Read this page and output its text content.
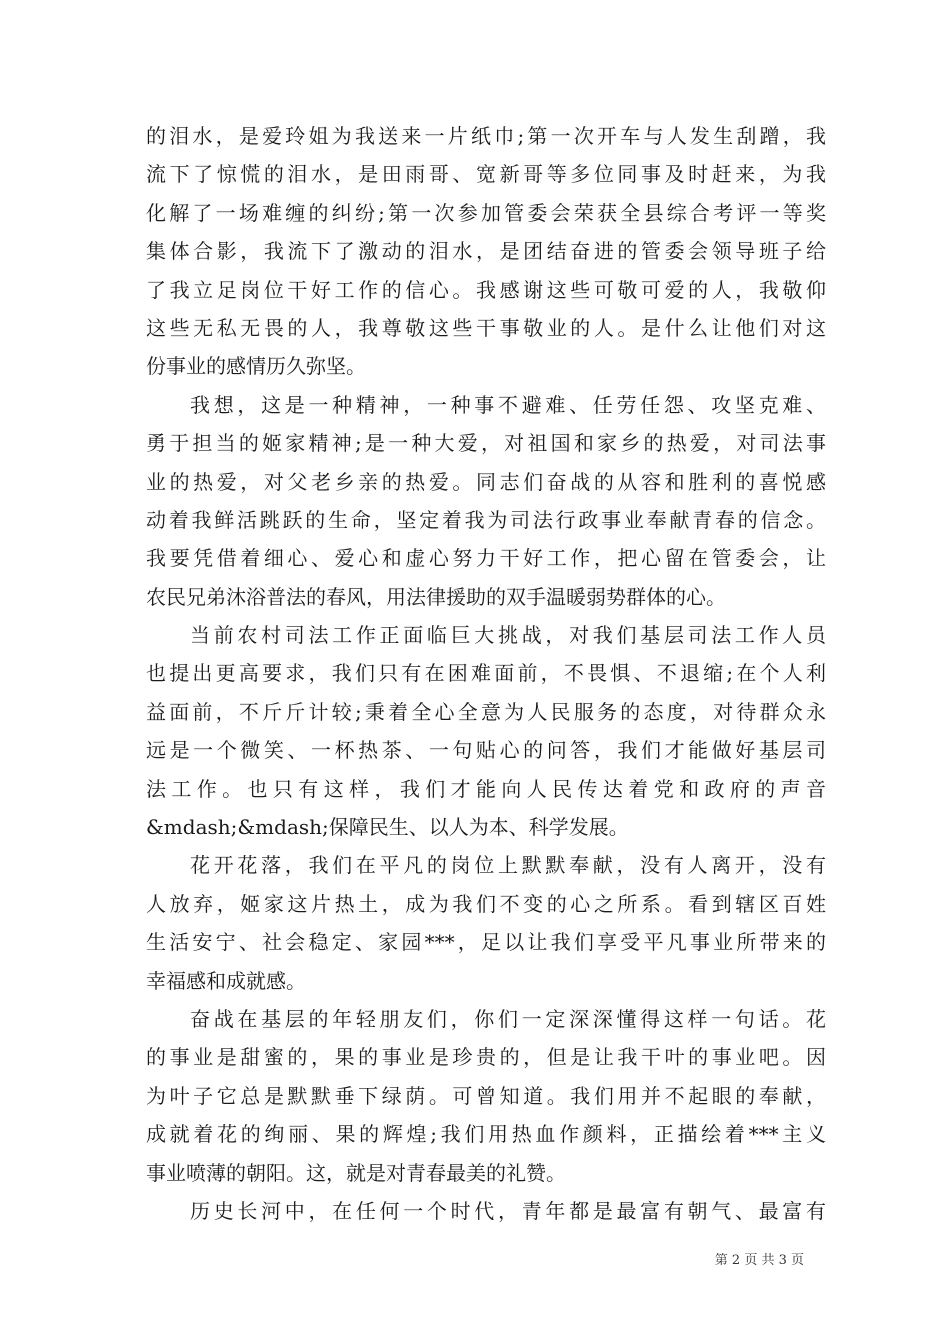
的泪水，是爱玲姐为我送来一片纸巾;第一次开车与人发生刮蹭，我
流下了惊慌的泪水，是田雨哥、宽新哥等多位同事及时赶来，为我
化解了一场难缠的纠纷;第一次参加管委会荣获全县综合考评一等奖
集体合影，我流下了激动的泪水，是团结奋进的管委会领导班子给
了我立足岗位干好工作的信心。我感谢这些可敬可爱的人，我敬仰
这些无私无畏的人，我尊敬这些干事敬业的人。是什么让他们对这
份事业的感情历久弥坚。
我想，这是一种精神，一种事不避难、任劳任怨、攻坚克难、
勇于担当的姬家精神;是一种大爱，对祖国和家乡的热爱，对司法事
业的热爱，对父老乡亲的热爱。同志们奋战的从容和胜利的喜悦感
动着我鲜活跳跃的生命，坚定着我为司法行政事业奉献青春的信念。
我要凭借着细心、爱心和虚心努力干好工作，把心留在管委会，让
农民兄弟沐浴普法的春风，用法律援助的双手温暖弱势群体的心。
当前农村司法工作正面临巨大挑战，对我们基层司法工作人员
也提出更高要求，我们只有在困难面前，不畏惧、不退缩;在个人利
益面前，不斤斤计较;秉着全心全意为人民服务的态度，对待群众永
远是一个微笑、一杯热茶、一句贴心的问答，我们才能做好基层司
法工作。也只有这样，我们才能向人民传达着党和政府的声音
&mdash;&mdash;保障民生、以人为本、科学发展。
花开花落，我们在平凡的岗位上默默奉献，没有人离开，没有
人放弃，姬家这片热土，成为我们不变的心之所系。看到辖区百姓
生活安宁、社会稳定、家园***，足以让我们享受平凡事业所带来的
幸福感和成就感。
奋战在基层的年轻朋友们，你们一定深深懂得这样一句话。花
的事业是甜蜜的，果的事业是珍贵的，但是让我干叶的事业吧。因
为叶子它总是默默垂下绿荫。可曾知道。我们用并不起眼的奉献，
成就着花的绚丽、果的辉煌;我们用热血作颜料，正描绘着***主义
事业喷薄的朝阳。这，就是对青春最美的礼赞。
历史长河中，在任何一个时代，青年都是最富有朝气、最富有
第 2 页 共 3 页
